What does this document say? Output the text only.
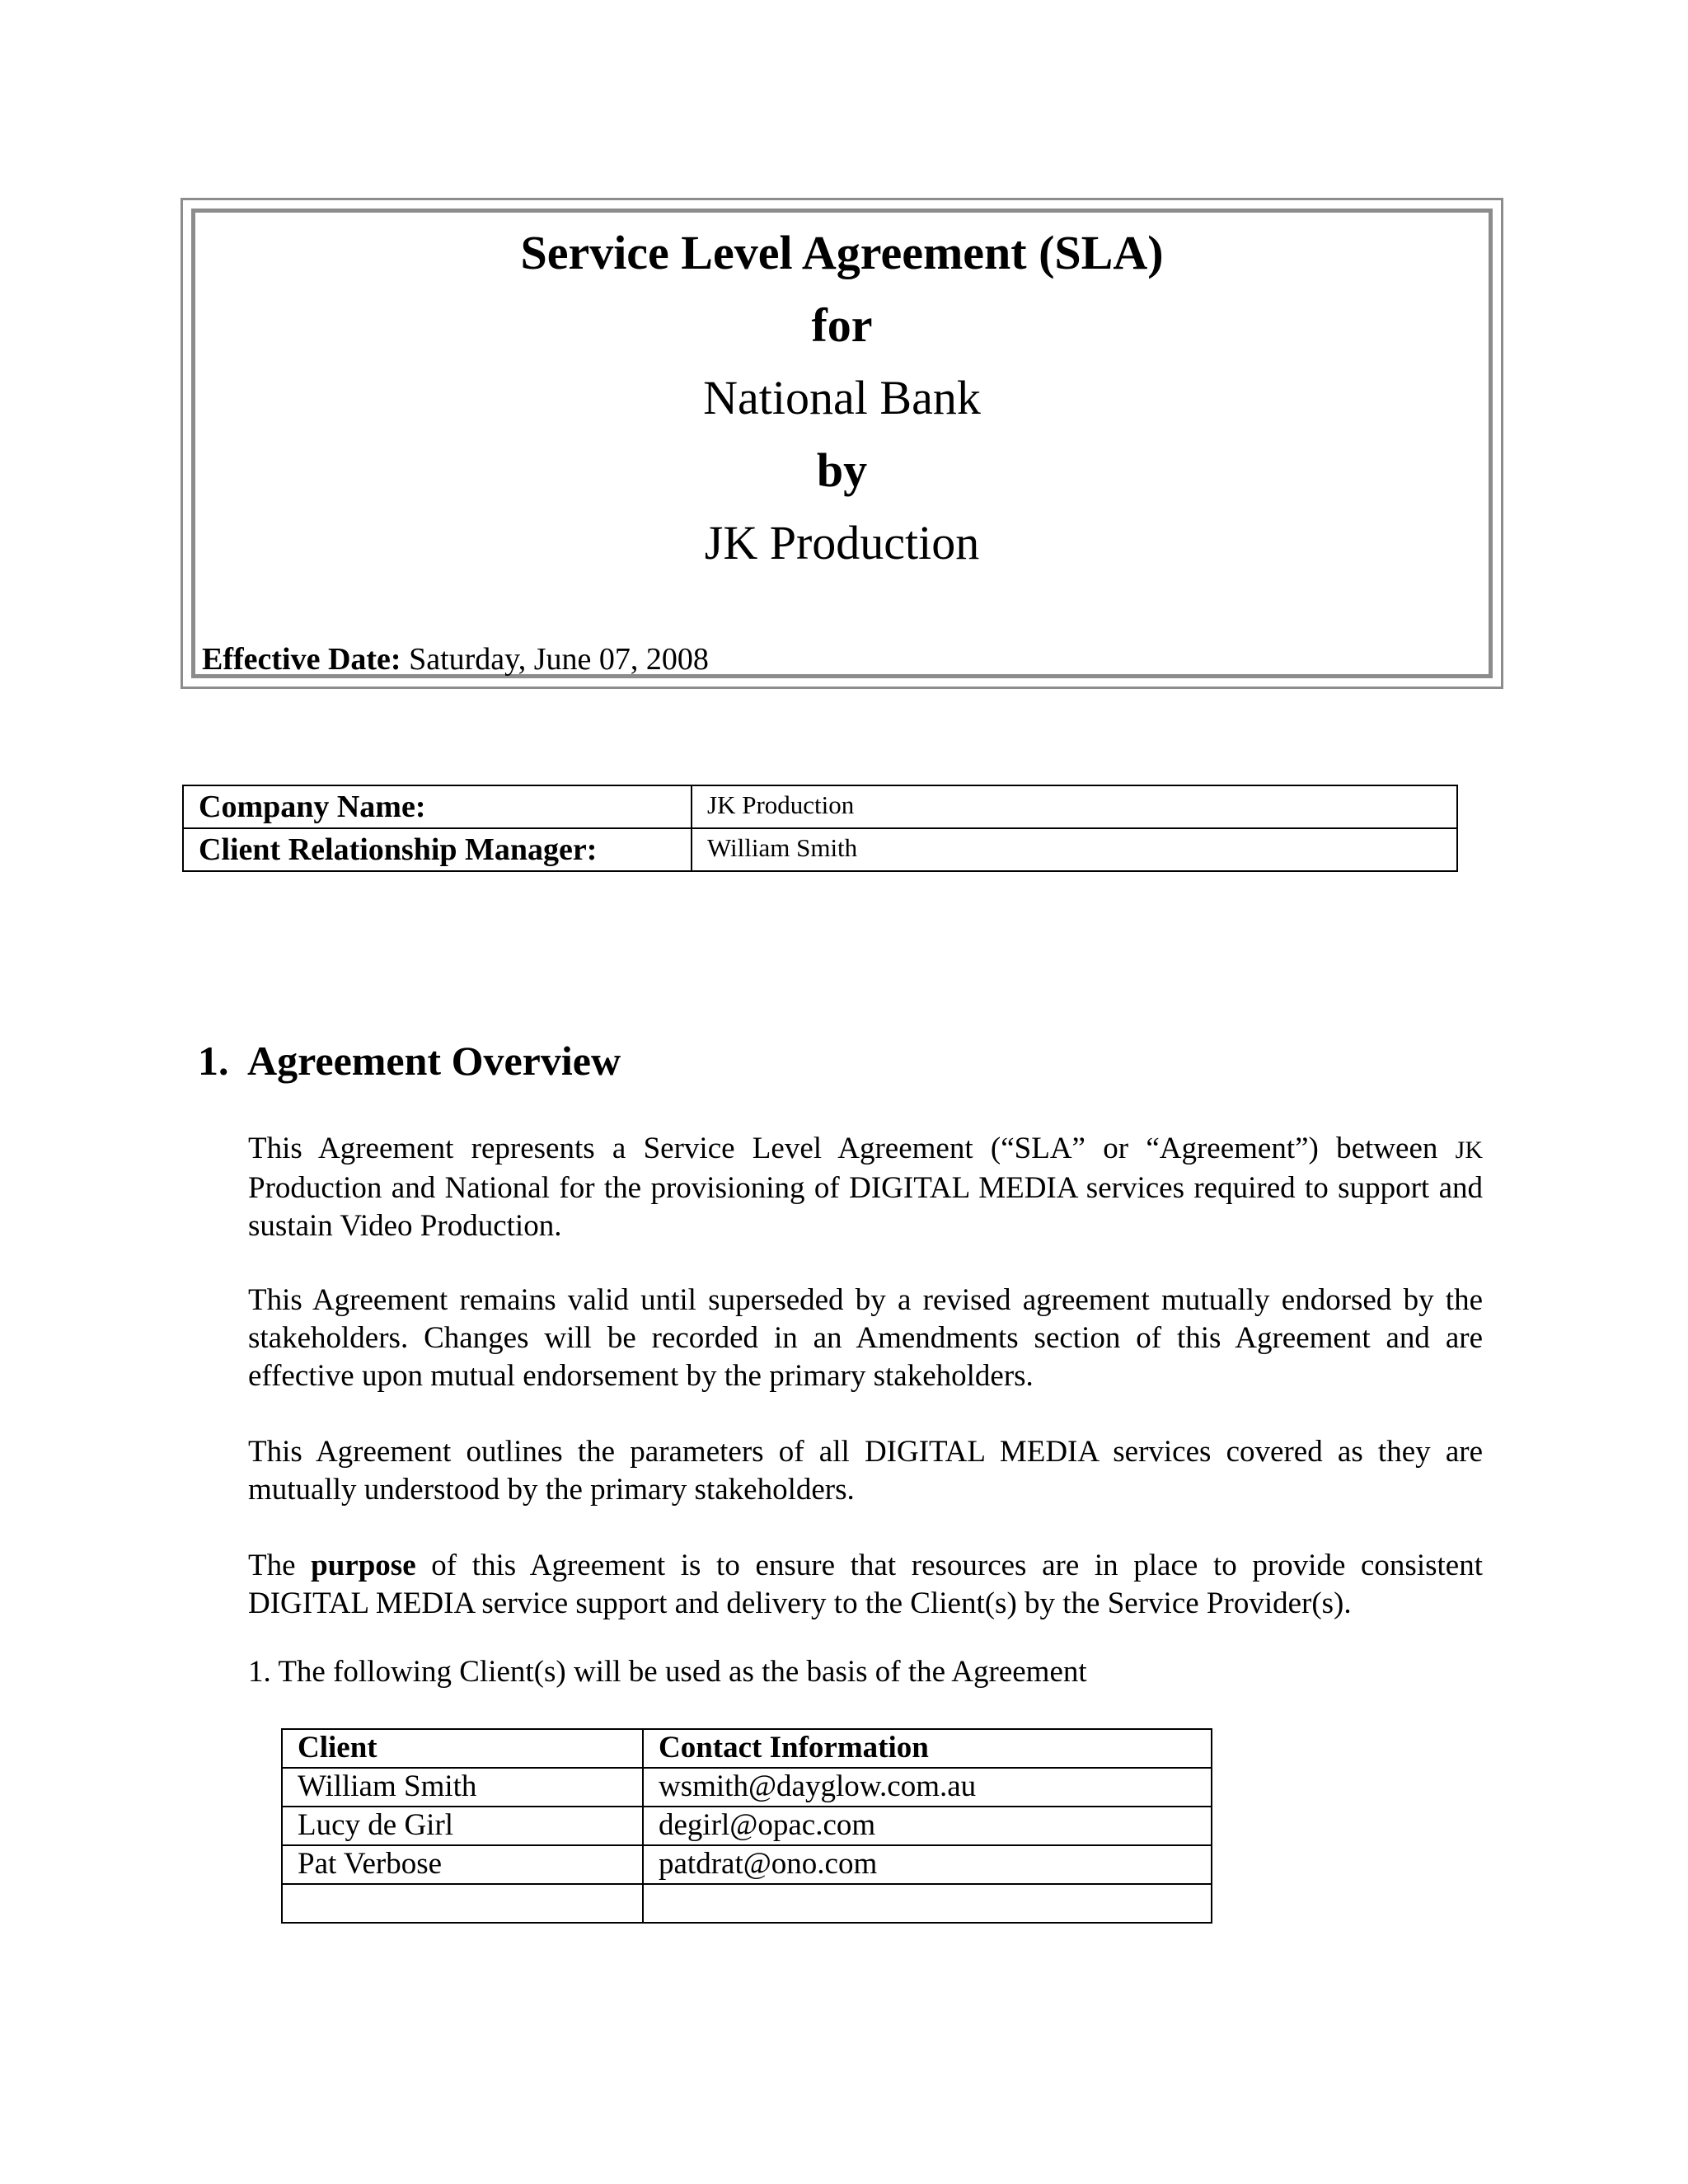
Service Level Agreement (SLA)
for
National Bank
by
JK Production
Effective Date: Saturday, June 07, 2008
Company Name:	JK Production
Client Relationship Manager:	William Smith
1. Agreement Overview
This Agreement represents a Service Level Agreement (“SLA” or “Agreement”) between JK Production and National for the provisioning of DIGITAL MEDIA services required to support and sustain Video Production.
This Agreement remains valid until superseded by a revised agreement mutually endorsed by the stakeholders. Changes will be recorded in an Amendments section of this Agreement and are effective upon mutual endorsement by the primary stakeholders.
This Agreement outlines the parameters of all DIGITAL MEDIA services covered as they are mutually understood by the primary stakeholders.
The purpose of this Agreement is to ensure that resources are in place to provide consistent DIGITAL MEDIA service support and delivery to the Client(s) by the Service Provider(s).
1. The following Client(s) will be used as the basis of the Agreement
Client	Contact Information
William Smith	wsmith@dayglow.com.au
Lucy de Girl	degirl@opac.com
Pat Verbose	patdrat@ono.com
